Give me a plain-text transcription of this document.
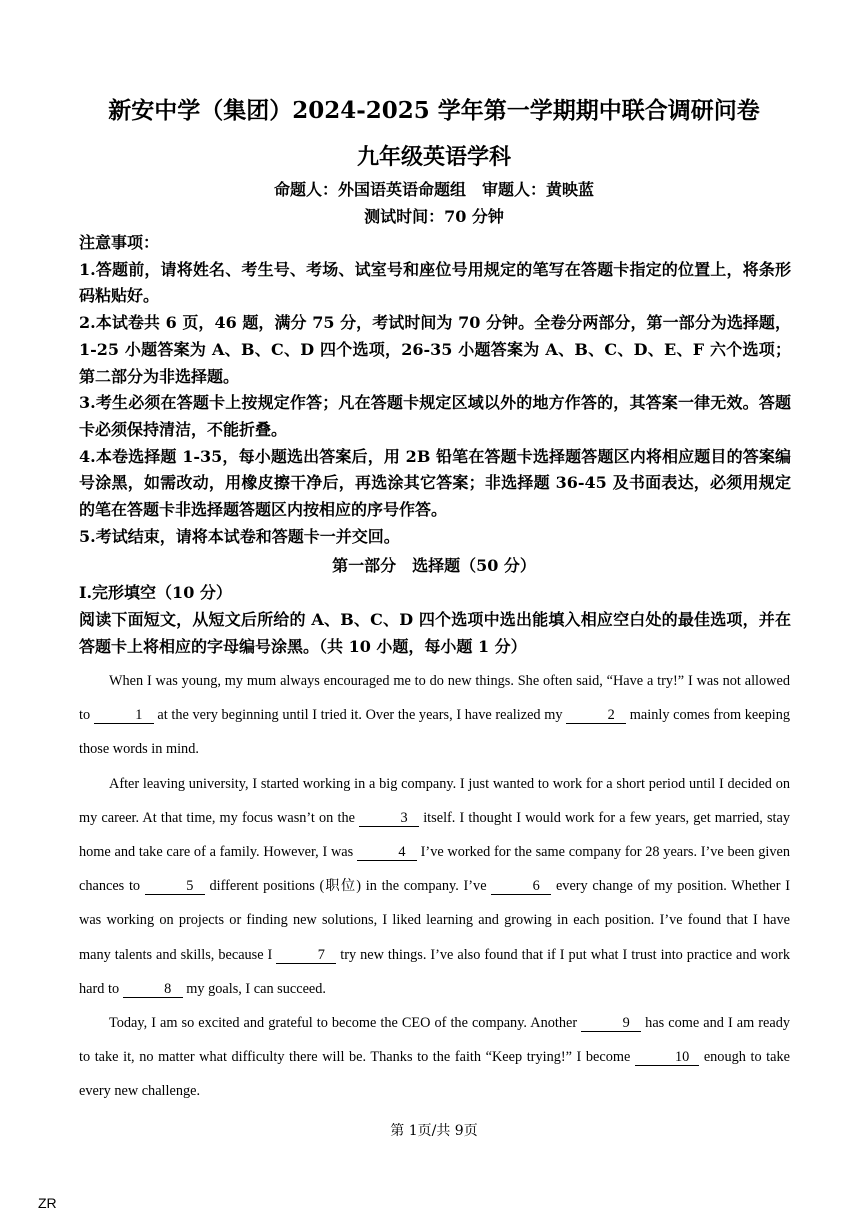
新安中学（集团）2024-2025 学年第一学期期中联合调研问卷
九年级英语学科
命题人：外国语英语命题组　审题人：黄映蓝
测试时间：70 分钟

注意事项：

1.答题前，请将姓名、考生号、考场、试室号和座位号用规定的笔写在答题卡指定的位置上，将条形码粘贴好。

2.本试卷共 6 页，46 题，满分 75 分，考试时间为 70 分钟。全卷分两部分，第一部分为选择题，1-25 小题答案为 A、B、C、D 四个选项，26-35 小题答案为 A、B、C、D、E、F 六个选项；第二部分为非选择题。

3.考生必须在答题卡上按规定作答；凡在答题卡规定区域以外的地方作答的，其答案一律无效。答题卡必须保持清洁，不能折叠。

4.本卷选择题 1-35，每小题选出答案后，用 2B 铅笔在答题卡选择题答题区内将相应题目的答案编号涂黑，如需改动，用橡皮擦干净后，再选涂其它答案；非选择题 36-45 及书面表达，必须用规定的笔在答题卡非选择题答题区内按相应的序号作答。

5.考试结束，请将本试卷和答题卡一并交回。

第一部分　选择题（50 分）
I.完形填空（10 分）

阅读下面短文，从短文后所给的 A、B、C、D 四个选项中选出能填入相应空白处的最佳选项，并在答题卡上将相应的字母编号涂黑。（共 10 小题，每小题 1 分）

When I was young, my mum always encouraged me to do new things. She often said, “Have a try!” I was not allowed to	1 at the very beginning until I tried it. Over the years, I have realized my	2 mainly comes from keeping those words in mind.

After leaving university, I started working in a big company. I just wanted to work for a short period until I decided on my career. At that time, my focus wasn’t on the	3 itself. I thought I would work for a few years, get married, stay home and take care of a family. However, I was	4 I’ve worked for the same company for 28 years. I’ve been given chances to	5 different positions (职位) in the company. I’ve	6 every change of my position. Whether I was working on projects or finding new solutions, I liked learning and growing in each position. I’ve found that I have many talents and skills, because I	7 try new things. I’ve also found that if I put what I trust into practice and work hard to	8 my goals, I can succeed.

Today, I am so excited and grateful to become the CEO of the company. Another	9 has come and I am ready to take it, no matter what difficulty there will be. Thanks to the faith “Keep trying!” I become	10 enough to take every new challenge.

第 1页/共 9页
ZR
